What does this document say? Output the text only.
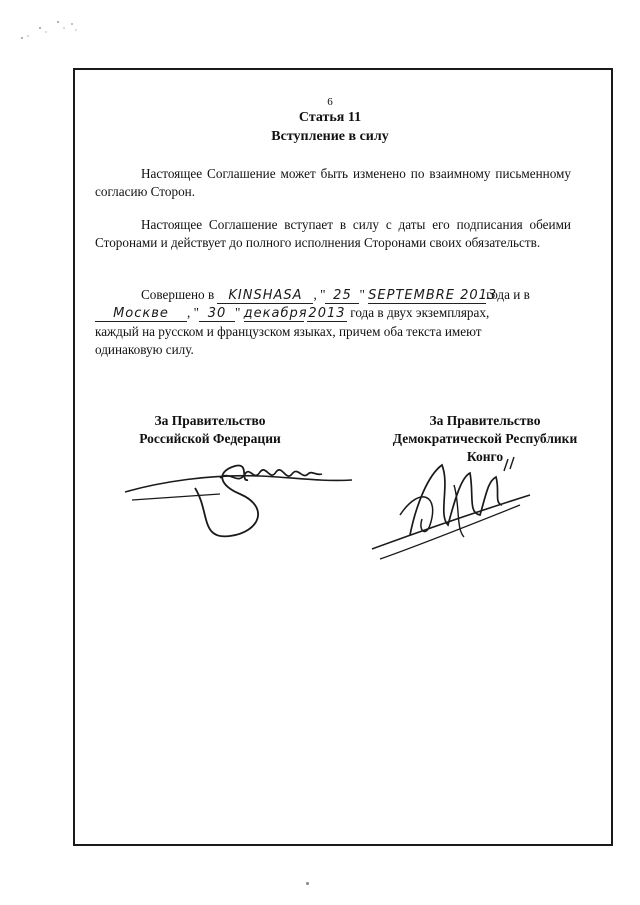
6
Статья 11
Вступление в силу
Настоящее Соглашение может быть изменено по взаимному письменному согласию Сторон.
Настоящее Соглашение вступает в силу с даты его подписания обеими Сторонами и действует до полного исполнения Сторонами своих обязательств.
Совершено в KINSHASA , " 25 " SEPTEMBRE 2013года и в
Москве , " 30 " декабря 2013 года в двух экземплярах,
каждый на русском и французском языках, причем оба текста имеют
одинаковую силу.
За Правительство
Российской Федерации
За Правительство
Демократической Республики
Конго
